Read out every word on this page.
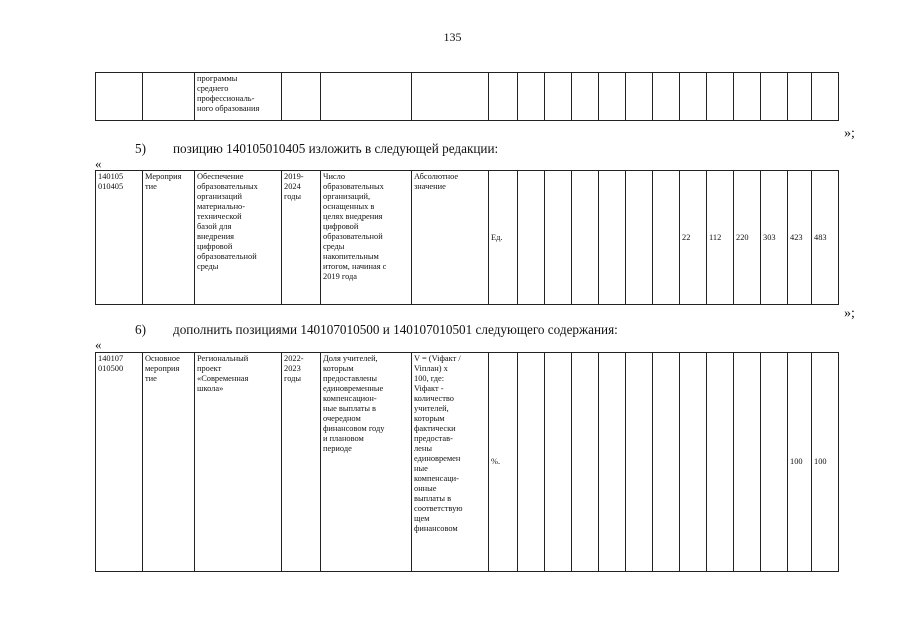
135

программы
среднего
профессиональ-
ного образования

»;
5) позицию 140105010405 изложить в следующей редакции:
«
140105
010405

Мероприя
тие

Обеспечение
образовательных
организаций
материально-
технической
базой для
внедрения
цифровой
образовательной
среды

2019-
2024
годы

Число
образовательных
организаций,
оснащенных в
целях внедрения
цифровой
образовательной
среды
накопительным
итогом, начиная с
2019 года

Абсолютное
значение
	Ед.							22	112	220	303	423	483	
»;
6) дополнить позициями 140107010500 и 140107010501 следующего содержания:
«
140107
010500

Основное
мероприя
тие

Региональный
проект
«Современная
школа»

2022-
2023
годы

Доля учителей,
которым
предоставлены
единовременные
компенсацион-
ные выплаты в
очередном
финансовом году
и плановом
периоде

V = (Viфакт /
Viплан) x
100, где:
Viфакт -
количество
учителей,
которым
фактически
предостав-
лены
единовремен
ные
компенсаци-
онные
выплаты в
соответствую
щем
финансовом
	%.											100	100	
